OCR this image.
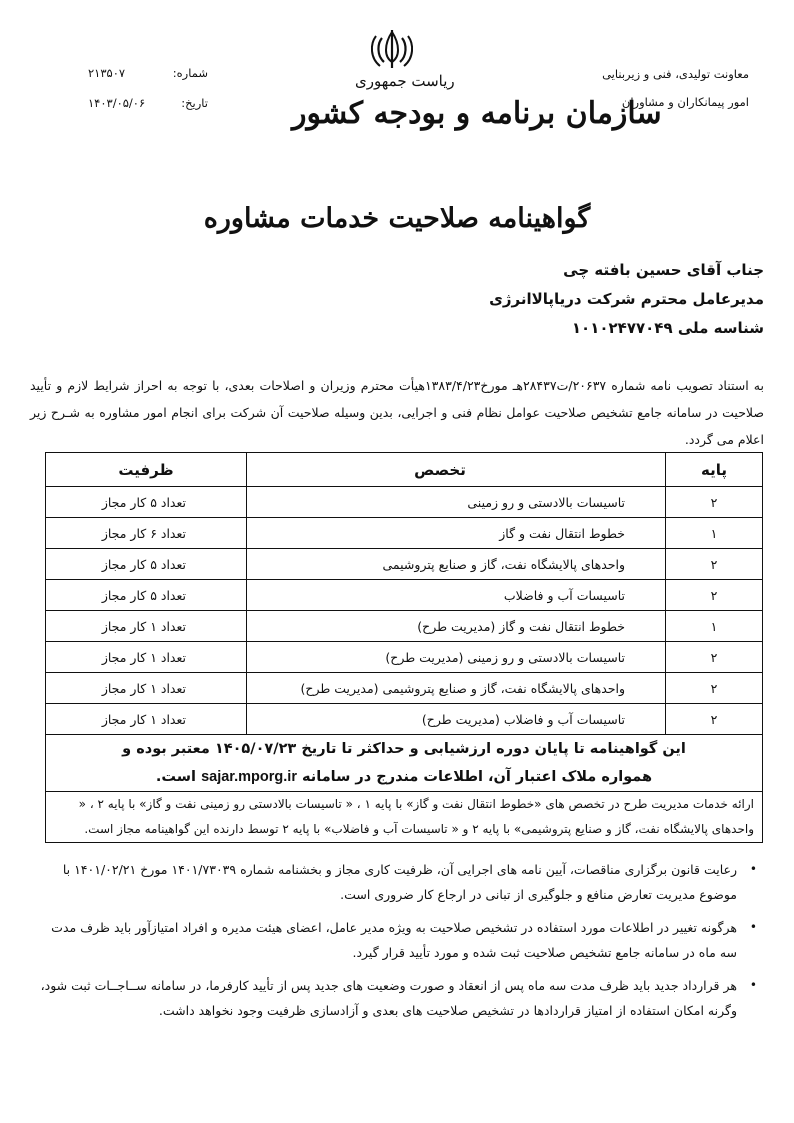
معاونت تولیدی، فنی و زیربنایی
امور پیمانکاران و مشاوران
ریاست جمهوری
سازمان برنامه و بودجه کشور
شماره:
۲۱۳۵۰۷
تاریخ:
۱۴۰۳/۰۵/۰۶
گواهینامه صلاحیت خدمات مشاوره
جناب آقای حسین بافته چی
مدیرعامل محترم شرکت دریاپالاانرژی
شناسه ملی ۱۰۱۰۲۴۷۷۰۴۹
به استناد تصویب نامه شماره ۲۰۶۳۷/ت۲۸۴۳۷هـ مورخ۱۳۸۳/۴/۲۳هیأت محترم وزیران و اصلاحات بعدی، با توجه به احراز شرایط لازم و تأیید صلاحیت در سامانه جامع تشخیص صلاحیت عوامل نظام فنی و اجرایی، بدین وسیله صلاحیت آن شرکت برای انجام امور مشاوره به شـرح زیر اعلام می گردد.
پایه	تخصص	ظرفیت
۲	تاسیسات بالادستی و رو زمینی	تعداد ۵ کار مجاز
۱	خطوط انتقال نفت و گاز	تعداد ۶ کار مجاز
۲	واحدهای پالایشگاه نفت، گاز و صنایع پتروشیمی	تعداد ۵ کار مجاز
۲	تاسیسات آب و فاضلاب	تعداد ۵ کار مجاز
۱	خطوط انتقال نفت و گاز (مدیریت طرح)	تعداد ۱ کار مجاز
۲	تاسیسات بالادستی و رو زمینی (مدیریت طرح)	تعداد ۱ کار مجاز
۲	واحدهای پالایشگاه نفت، گاز و صنایع پتروشیمی (مدیریت طرح)	تعداد ۱ کار مجاز
۲	تاسیسات آب و فاضلاب (مدیریت طرح)	تعداد ۱ کار مجاز

این گواهینامه تا پایان دوره ارزشیابی و حداکثر تا تاریخ ۱۴۰۵/۰۷/۲۳ معتبر بوده و
همواره ملاک اعتبار آن، اطلاعات مندرج در سامانه sajar.mporg.ir است.		

ارائه خدمات مدیریت طرح در تخصص های «خطوط انتقال نفت و گاز» با پایه ۱ ، « تاسیسات بالادستی رو زمینی نفت و گاز» با پایه ۲ ، « واحدهای پالایشگاه نفت، گاز و صنایع پتروشیمی» با پایه ۲ و « تاسیسات آب و فاضلاب» با پایه ۲ توسط دارنده این گواهینامه مجاز است.		
•
رعایت قانون برگزاری مناقصات، آیین نامه های اجرایی آن، ظرفیت کاری مجاز و بخشنامه شماره ۱۴۰۱/۷۳۰۳۹ مورخ ۱۴۰۱/۰۲/۲۱ با موضوع مدیریت تعارض منافع و جلوگیری از تبانی در ارجاع کار ضروری است.
•
هرگونه تغییر در اطلاعات مورد استفاده در تشخیص صلاحیت به ویژه مدیر عامل، اعضای هیئت مدیره و افراد امتیازآور باید ظرف مدت سه ماه در سامانه جامع تشخیص صلاحیت ثبت شده و مورد تأیید قرار گیرد.
•
هر قرارداد جدید باید ظرف مدت سه ماه پس از انعقاد و صورت وضعیت های جدید پس از تأیید کارفرما، در سامانه ســاجــات ثبت شود، وگرنه امکان استفاده از امتیاز قراردادها در تشخیص صلاحیت های بعدی و آزادسازی ظرفیت وجود نخواهد داشت.
